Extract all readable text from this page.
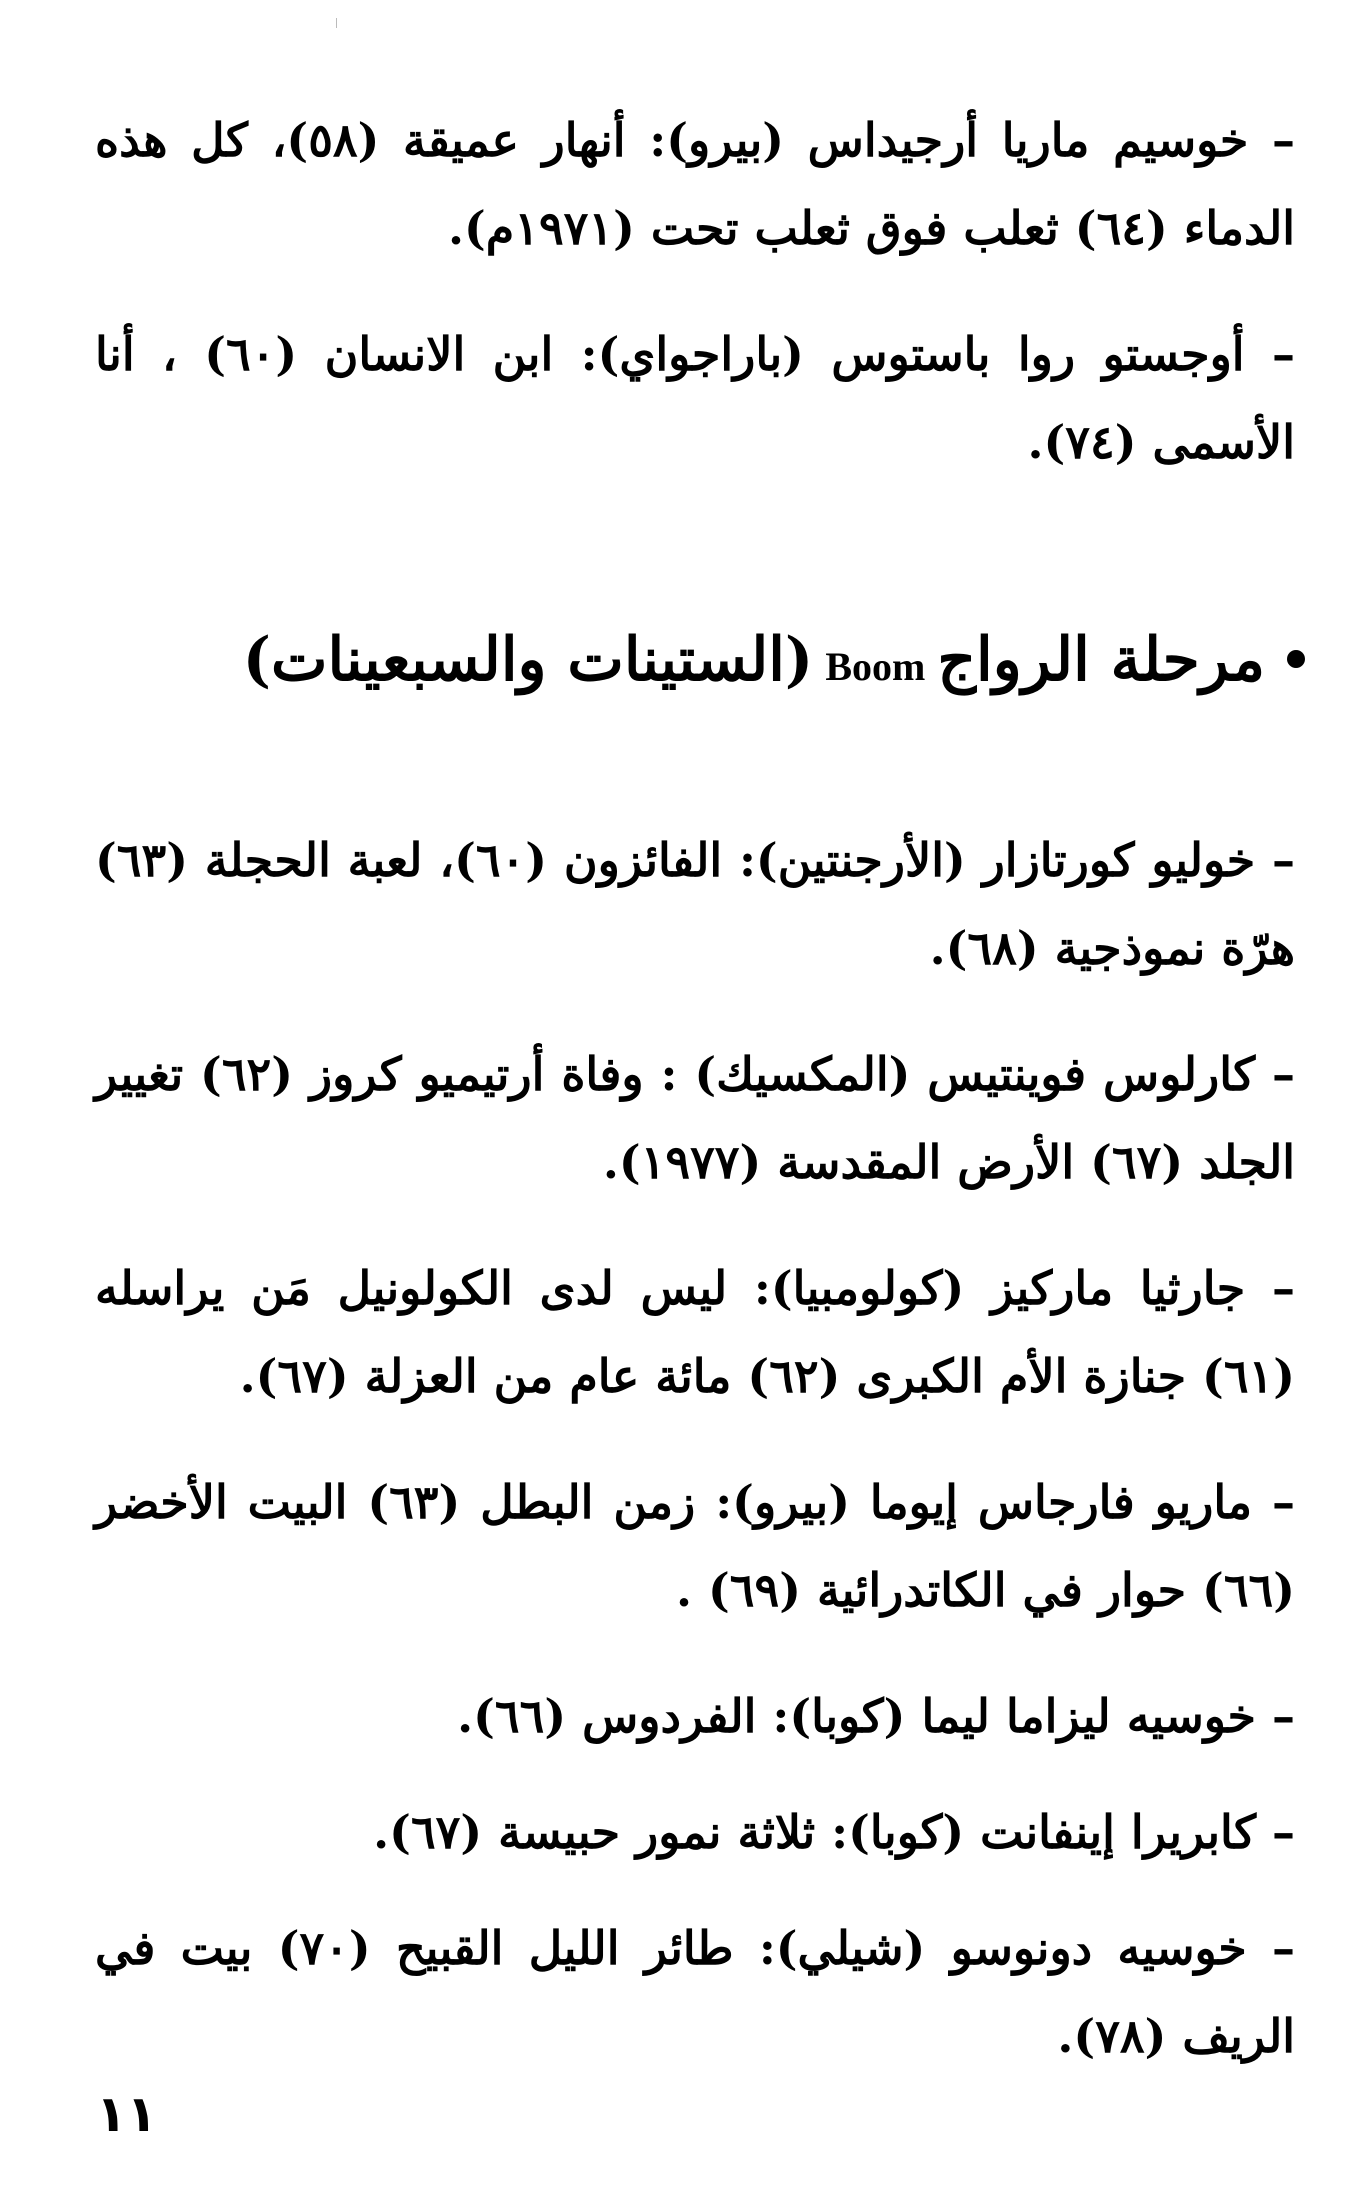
– خوسيم ماريا أرجيداس (بيرو): أنهار عميقة (٥٨)، كل هذه الدماء (٦٤) ثعلب فوق ثعلب تحت (١٩٧١م).
– أوجستو روا باستوس (باراجواي): ابن الانسان (٦٠) ، أنا الأسمى (٧٤).
مرحلة الرواجBoom(الستينات والسبعينات)
– خوليو كورتازار (الأرجنتين): الفائزون (٦٠)، لعبة الحجلة (٦٣) هرّة نموذجية (٦٨).
– كارلوس فوينتيس (المكسيك) : وفاة أرتيميو كروز (٦٢) تغيير الجلد (٦٧) الأرض المقدسة (١٩٧٧).
– جارثيا ماركيز (كولومبيا): ليس لدى الكولونيل مَن يراسله (٦١) جنازة الأم الكبرى (٦٢) مائة عام من العزلة (٦٧).
– ماريو فارجاس إيوما (بيرو): زمن البطل (٦٣) البيت الأخضر (٦٦) حوار في الكاتدرائية (٦٩) .
– خوسيه ليزاما ليما (كوبا): الفردوس (٦٦).
– كابريرا إينفانت (كوبا): ثلاثة نمور حبيسة (٦٧).
– خوسيه دونوسو (شيلي): طائر الليل القبيح (٧٠) بيت في الريف (٧٨).
١١
